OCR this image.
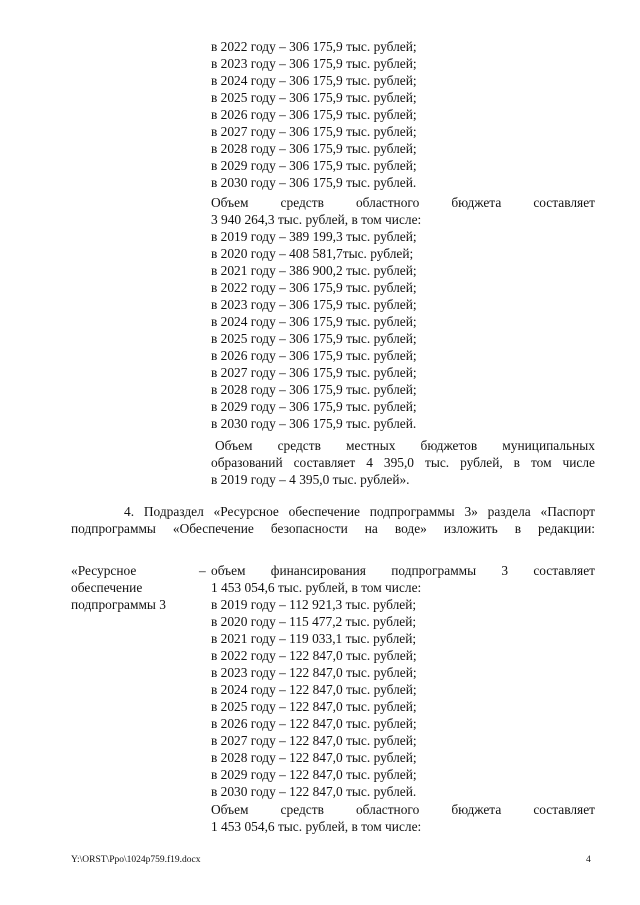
в 2022 году – 306 175,9 тыс. рублей;
в 2023 году – 306 175,9 тыс. рублей;
в 2024 году – 306 175,9 тыс. рублей;
в 2025 году – 306 175,9 тыс. рублей;
в 2026 году – 306 175,9 тыс. рублей;
в 2027 году – 306 175,9 тыс. рублей;
в 2028 году – 306 175,9 тыс. рублей;
в 2029 году – 306 175,9 тыс. рублей;
в 2030 году – 306 175,9 тыс. рублей.
Объем средств областного бюджета составляет
3 940 264,3 тыс. рублей, в том числе:
в 2019 году – 389 199,3 тыс. рублей;
в 2020 году – 408 581,7тыс. рублей;
в 2021 году – 386 900,2 тыс. рублей;
в 2022 году – 306 175,9 тыс. рублей;
в 2023 году – 306 175,9 тыс. рублей;
в 2024 году – 306 175,9 тыс. рублей;
в 2025 году – 306 175,9 тыс. рублей;
в 2026 году – 306 175,9 тыс. рублей;
в 2027 году – 306 175,9 тыс. рублей;
в 2028 году – 306 175,9 тыс. рублей;
в 2029 году – 306 175,9 тыс. рублей;
в 2030 году – 306 175,9 тыс. рублей.
Объем средств местных бюджетов муниципальных
образований составляет 4 395,0 тыс. рублей, в том числе
в 2019 году – 4 395,0 тыс. рублей».
4. Подраздел «Ресурсное обеспечение подпрограммы 3» раздела «Паспорт
подпрограммы «Обеспечение безопасности на воде» изложить в редакции:
«Ресурсное
обеспечение
подпрограммы 3
– объем финансирования подпрограммы 3 составляет
1 453 054,6 тыс. рублей, в том числе:
в 2019 году – 112 921,3 тыс. рублей;
в 2020 году – 115 477,2 тыс. рублей;
в 2021 году – 119 033,1 тыс. рублей;
в 2022 году – 122 847,0 тыс. рублей;
в 2023 году – 122 847,0 тыс. рублей;
в 2024 году – 122 847,0 тыс. рублей;
в 2025 году – 122 847,0 тыс. рублей;
в 2026 году – 122 847,0 тыс. рублей;
в 2027 году – 122 847,0 тыс. рублей;
в 2028 году – 122 847,0 тыс. рублей;
в 2029 году – 122 847,0 тыс. рублей;
в 2030 году – 122 847,0 тыс. рублей.
Объем средств областного бюджета составляет
1 453 054,6 тыс. рублей, в том числе:
Y:\ORST\Ppo\1024p759.f19.docx	4
